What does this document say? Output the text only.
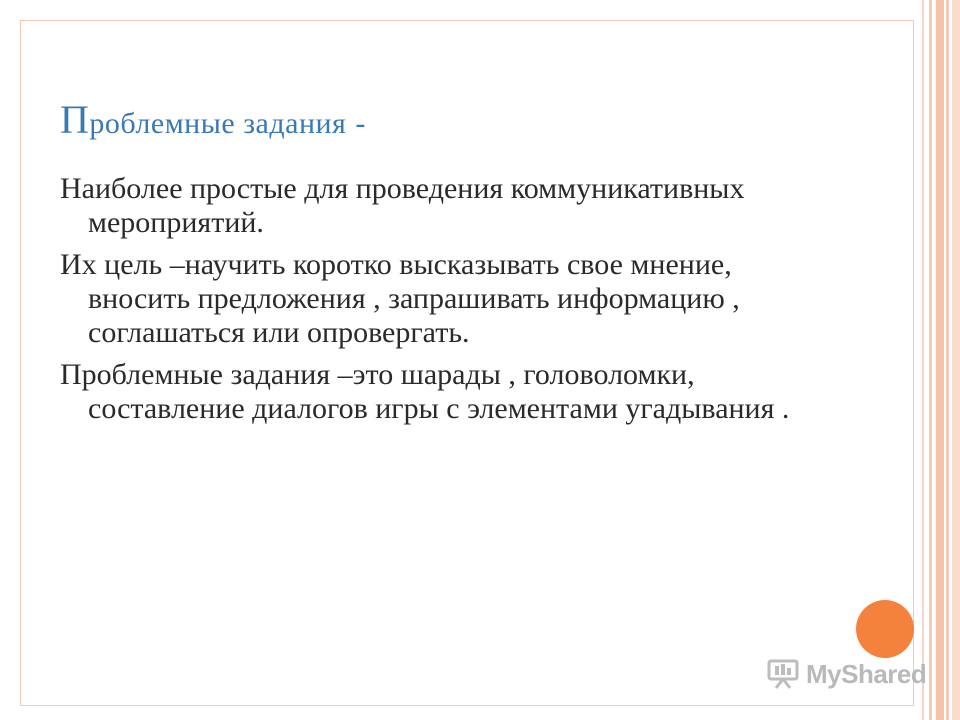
Проблемные задания -

Наиболее простые для проведения коммуникативных мероприятий.

Их цель –научить коротко высказывать свое мнение, вносить предложения , запрашивать информацию , соглашаться или опровергать.

Проблемные задания –это шарады , головоломки, составление диалогов игры с элементами угадывания .

MyShared
